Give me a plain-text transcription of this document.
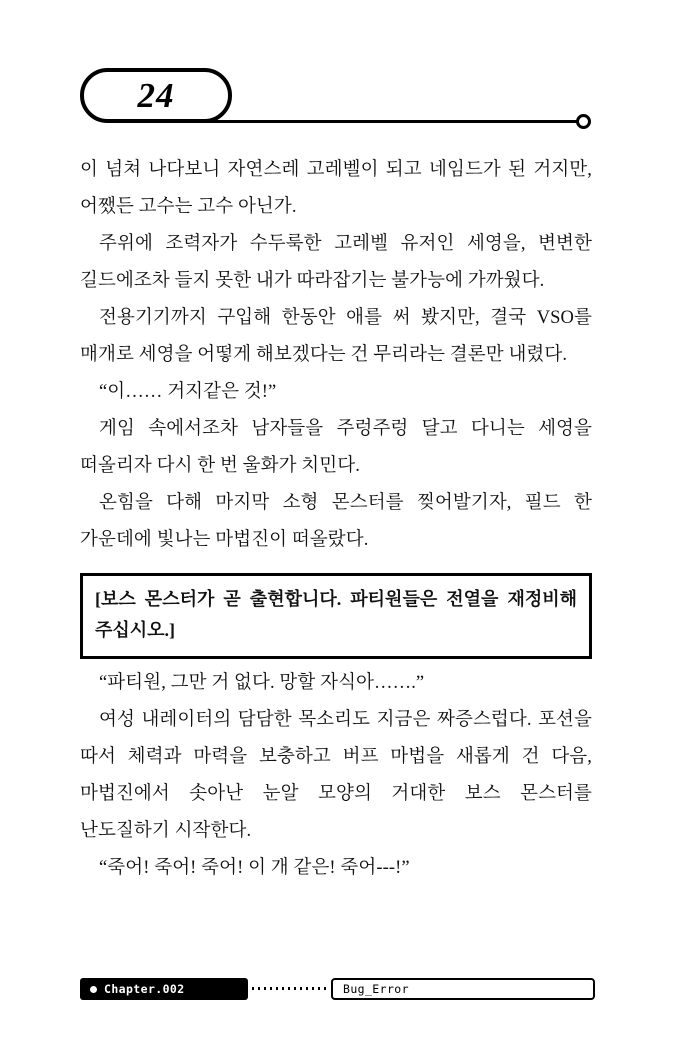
24

이 넘쳐 나다보니 자연스레 고레벨이 되고 네임드가 된 거지만, 어쨌든 고수는 고수 아닌가.

주위에 조력자가 수두룩한 고레벨 유저인 세영을, 변변한 길드에조차 들지 못한 내가 따라잡기는 불가능에 가까웠다.

전용기기까지 구입해 한동안 애를 써 봤지만, 결국 VSO를 매개로 세영을 어떻게 해보겠다는 건 무리라는 결론만 내렸다.

“이…… 거지같은 것!”

게임 속에서조차 남자들을 주렁주렁 달고 다니는 세영을 떠올리자 다시 한 번 울화가 치민다.

온힘을 다해 마지막 소형 몬스터를 찢어발기자, 필드 한 가운데에 빛나는 마법진이 떠올랐다.

[보스 몬스터가 곧 출현합니다. 파티원들은 전열을 재정비해 주십시오.]

“파티원, 그만 거 없다. 망할 자식아…….”

여성 내레이터의 담담한 목소리도 지금은 짜증스럽다. 포션을 따서 체력과 마력을 보충하고 버프 마법을 새롭게 건 다음, 마법진에서 솟아난 눈알 모양의 거대한 보스 몬스터를 난도질하기 시작한다.

“죽어! 죽어! 죽어! 이 개 같은! 죽어---!”

Chapter.002	Bug_Error
